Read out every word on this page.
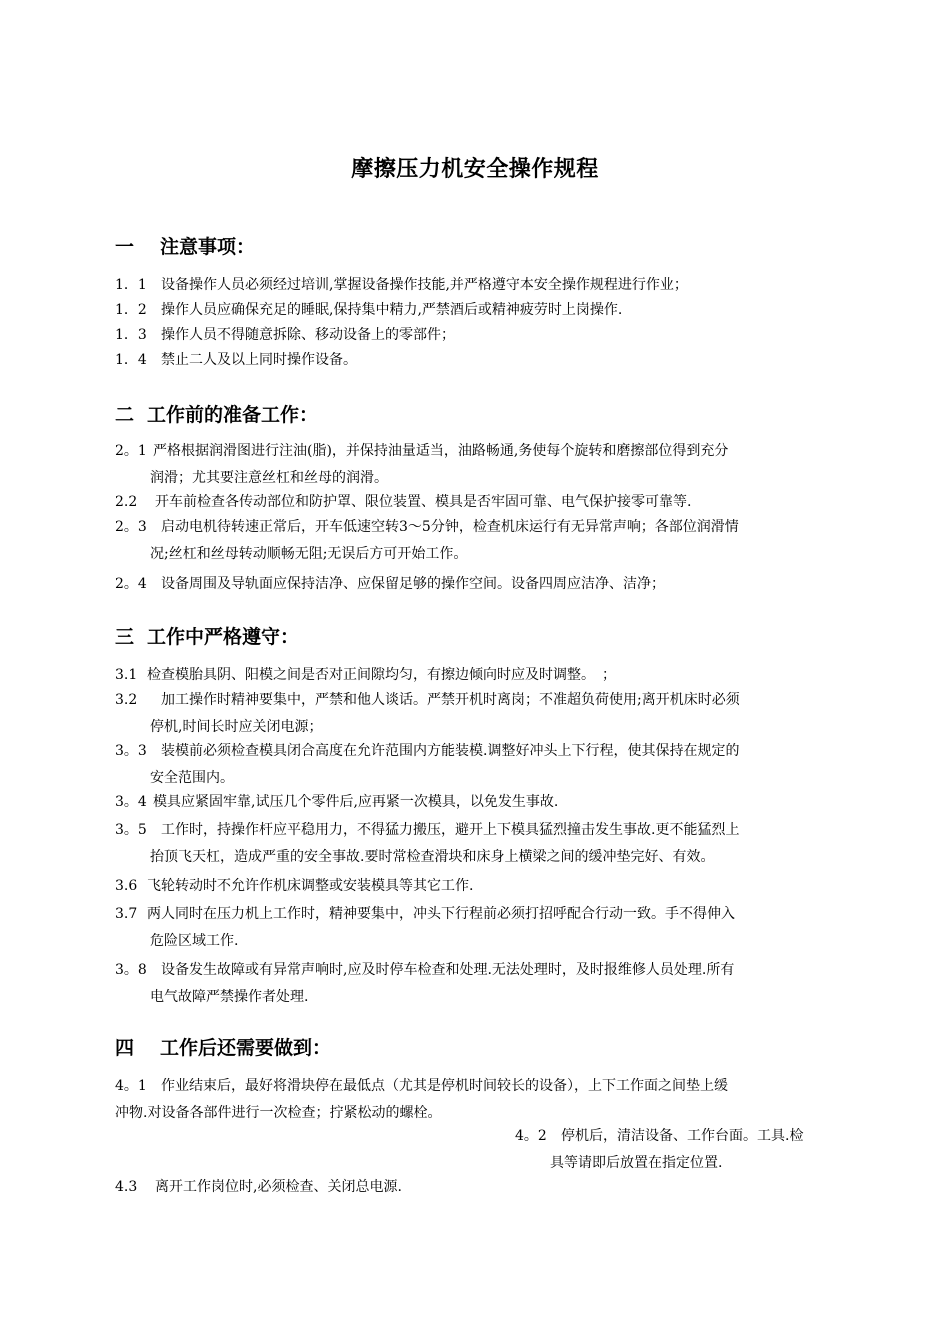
摩擦压力机安全操作规程
一 注意事项：
1．1 设备操作人员必须经过培训,掌握设备操作技能,并严格遵守本安全操作规程进行作业；
1．2 操作人员应确保充足的睡眠,保持集中精力,严禁酒后或精神疲劳时上岗操作.
1．3 操作人员不得随意拆除、移动设备上的零部件；
1．4 禁止二人及以上同时操作设备。
二 工作前的准备工作：
2。1 严格根据润滑图进行注油(脂)，并保持油量适当，油路畅通,务使每个旋转和磨擦部位得到充分
润滑；尤其要注意丝杠和丝母的润滑。
2.2 开车前检查各传动部位和防护罩、限位装置、模具是否牢固可靠、电气保护接零可靠等.
2。3 启动电机待转速正常后，开车低速空转3～5分钟，检查机床运行有无异常声响；各部位润滑情
况;丝杠和丝母转动顺畅无阻;无误后方可开始工作。
2。4 设备周围及导轨面应保持洁净、应保留足够的操作空间。设备四周应洁净、洁净；
三 工作中严格遵守：
3.1 检查模胎具阴、阳模之间是否对正间隙均匀，有擦边倾向时应及时调整。　；
3.2 加工操作时精神要集中，严禁和他人谈话。严禁开机时离岗；不准超负荷使用;离开机床时必须
停机,时间长时应关闭电源；
3。3 装模前必须检查模具闭合高度在允许范围内方能装模.调整好冲头上下行程，使其保持在规定的
安全范围内。
3。4 模具应紧固牢靠,试压几个零件后,应再紧一次模具，以免发生事故.
3。5 工作时，持操作杆应平稳用力，不得猛力搬压，避开上下模具猛烈撞击发生事故.更不能猛烈上
抬顶飞天杠，造成严重的安全事故.要时常检查滑块和床身上横梁之间的缓冲垫完好、有效。
3.6 飞轮转动时不允许作机床调整或安装模具等其它工作.
3.7 两人同时在压力机上工作时，精神要集中，冲头下行程前必须打招呼配合行动一致。手不得伸入
危险区域工作.
3。8 设备发生故障或有异常声响时,应及时停车检查和处理.无法处理时，及时报维修人员处理.所有
电气故障严禁操作者处理.
四 工作后还需要做到：
4。1 作业结束后，最好将滑块停在最低点（尤其是停机时间较长的设备），上下工作面之间垫上缓
冲物.对设备各部件进行一次检查；拧紧松动的螺栓。
4。2 停机后，清洁设备、工作台面。工具.检
具等请即后放置在指定位置.
4.3 离开工作岗位时,必须检查、关闭总电源.
